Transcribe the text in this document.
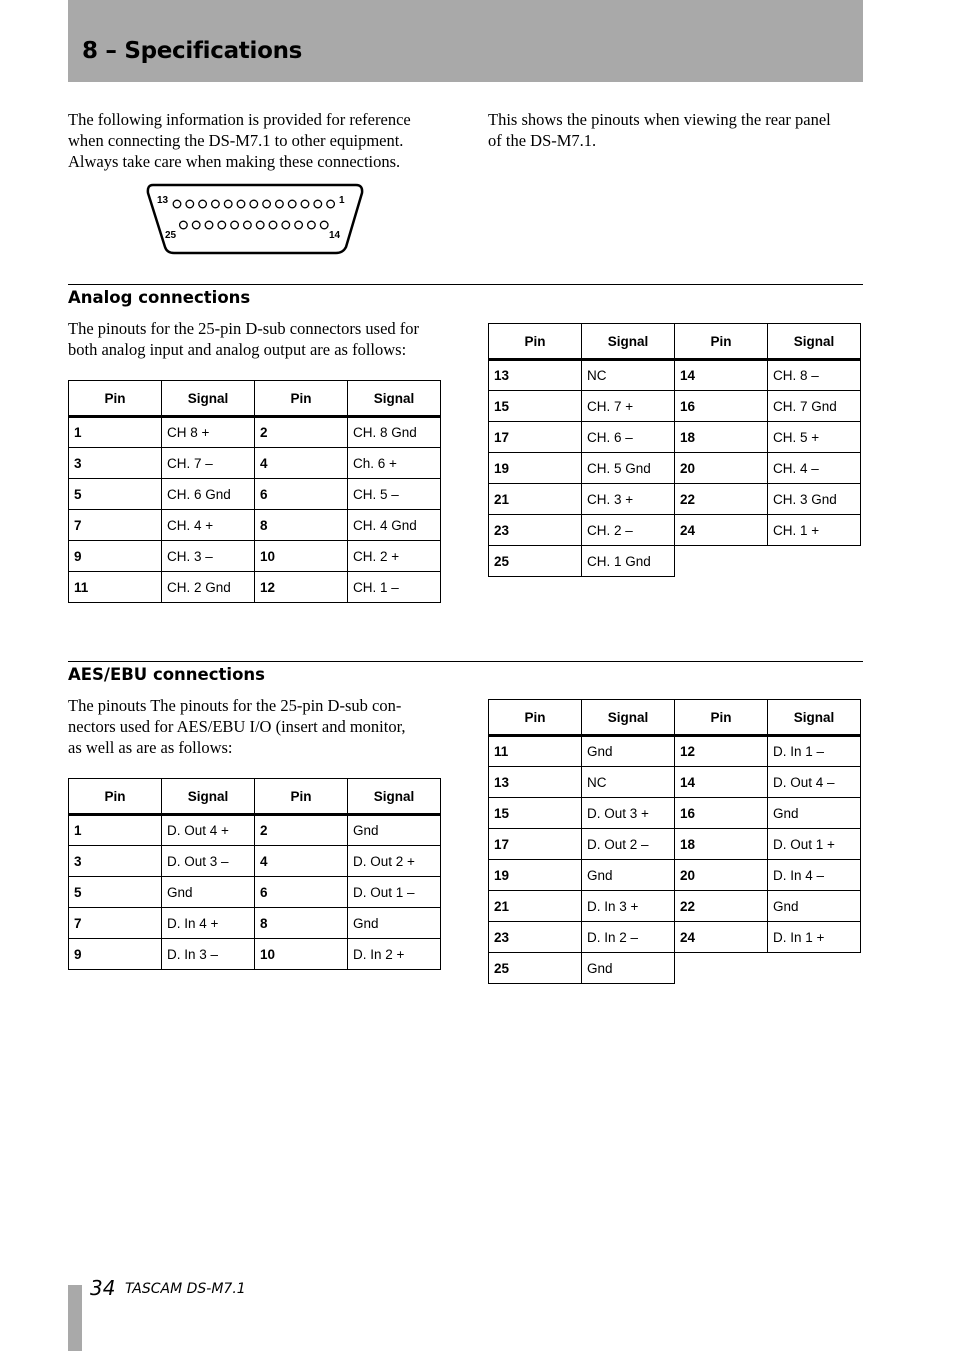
8 – Specifications

The following information is provided for reference
when connecting the DS-M7.1 to other equipment.
Always take care when making these connections.

This shows the pinouts when viewing the rear panel
of the DS-M7.1.

13	1
25	14
Analog connections

The pinouts for the 25-pin D-sub connectors used for
both analog input and analog output are as follows:

Pin	Signal	Pin	Signal
1	CH 8 +	2	CH. 8 Gnd
3	CH. 7 –	4	Ch. 6 +
5	CH. 6 Gnd	6	CH. 5 –
7	CH. 4 +	8	CH. 4 Gnd
9	CH. 3 –	10	CH. 2 +
11	CH. 2 Gnd	12	CH. 1 –
Pin	Signal	Pin	Signal
13	NC	14	CH. 8 –
15	CH. 7 +	16	CH. 7 Gnd
17	CH. 6 –	18	CH. 5 +
19	CH. 5 Gnd	20	CH. 4 –
21	CH. 3 +	22	CH. 3 Gnd
23	CH. 2 –	24	CH. 1 +
25	CH. 1 Gnd		
AES/EBU connections

The pinouts The pinouts for the 25-pin D-sub con-
nectors used for AES/EBU I/O (insert and monitor,
as well as are as follows:

Pin	Signal	Pin	Signal
1	D. Out 4 +	2	Gnd
3	D. Out 3 –	4	D. Out 2 +
5	Gnd	6	D. Out 1 –
7	D. In 4 +	8	Gnd
9	D. In 3 –	10	D. In 2 +
Pin	Signal	Pin	Signal
11	Gnd	12	D. In 1 –
13	NC	14	D. Out 4 –
15	D. Out 3 +	16	Gnd
17	D. Out 2 –	18	D. Out 1 +
19	Gnd	20	D. In 4 –
21	D. In 3 +	22	Gnd
23	D. In 2 –	24	D. In 1 +
25	Gnd		
34 TASCAM DS-M7.1
